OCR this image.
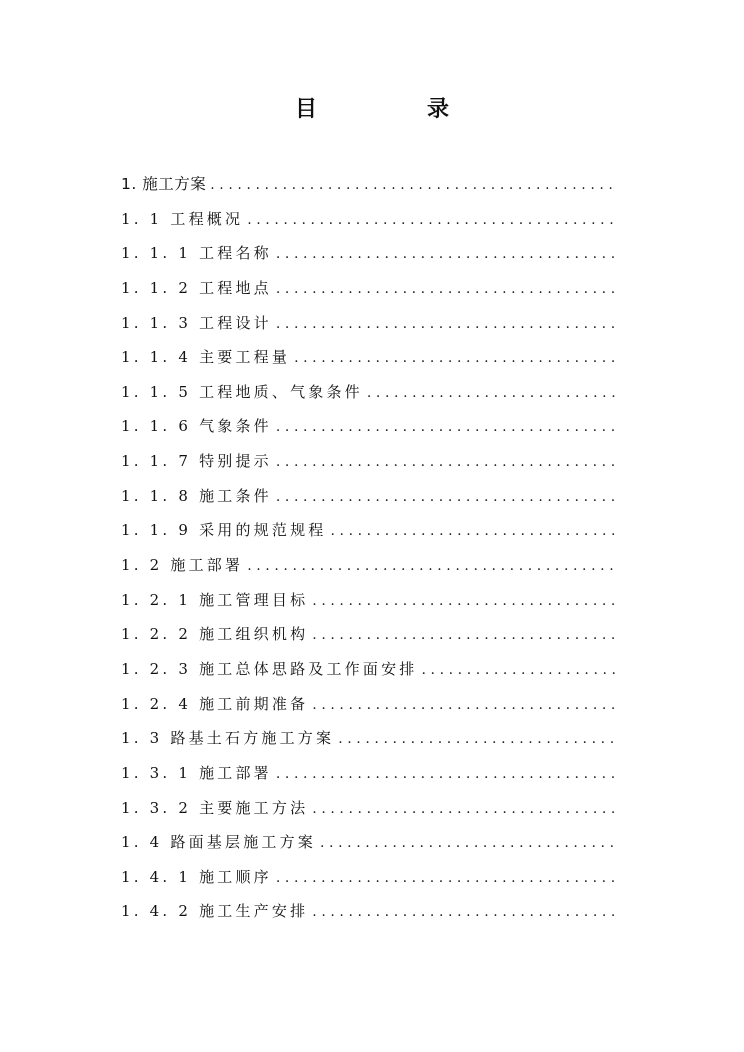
目　录
1. 施工方案
.....
1. 1 工程概况
.....
1. 1. 1 工程名称
.....
1. 1. 2 工程地点
.....
1. 1. 3 工程设计
.....
1. 1. 4 主要工程量
.....
1. 1. 5 工程地质、气象条件
.....
1. 1. 6 气象条件
.....
1. 1. 7 特别提示
.....
1. 1. 8 施工条件
.....
1. 1. 9 采用的规范规程
.....
1. 2 施工部署
.....
1. 2. 1 施工管理目标
.....
1. 2. 2 施工组织机构
.....
1. 2. 3 施工总体思路及工作面安排
.....
1. 2. 4 施工前期准备
.....
1. 3 路基土石方施工方案
.....
1. 3. 1 施工部署
.....
1. 3. 2 主要施工方法
.....
1. 4 路面基层施工方案
.....
1. 4. 1 施工顺序
.....
1. 4. 2 施工生产安排
.....
